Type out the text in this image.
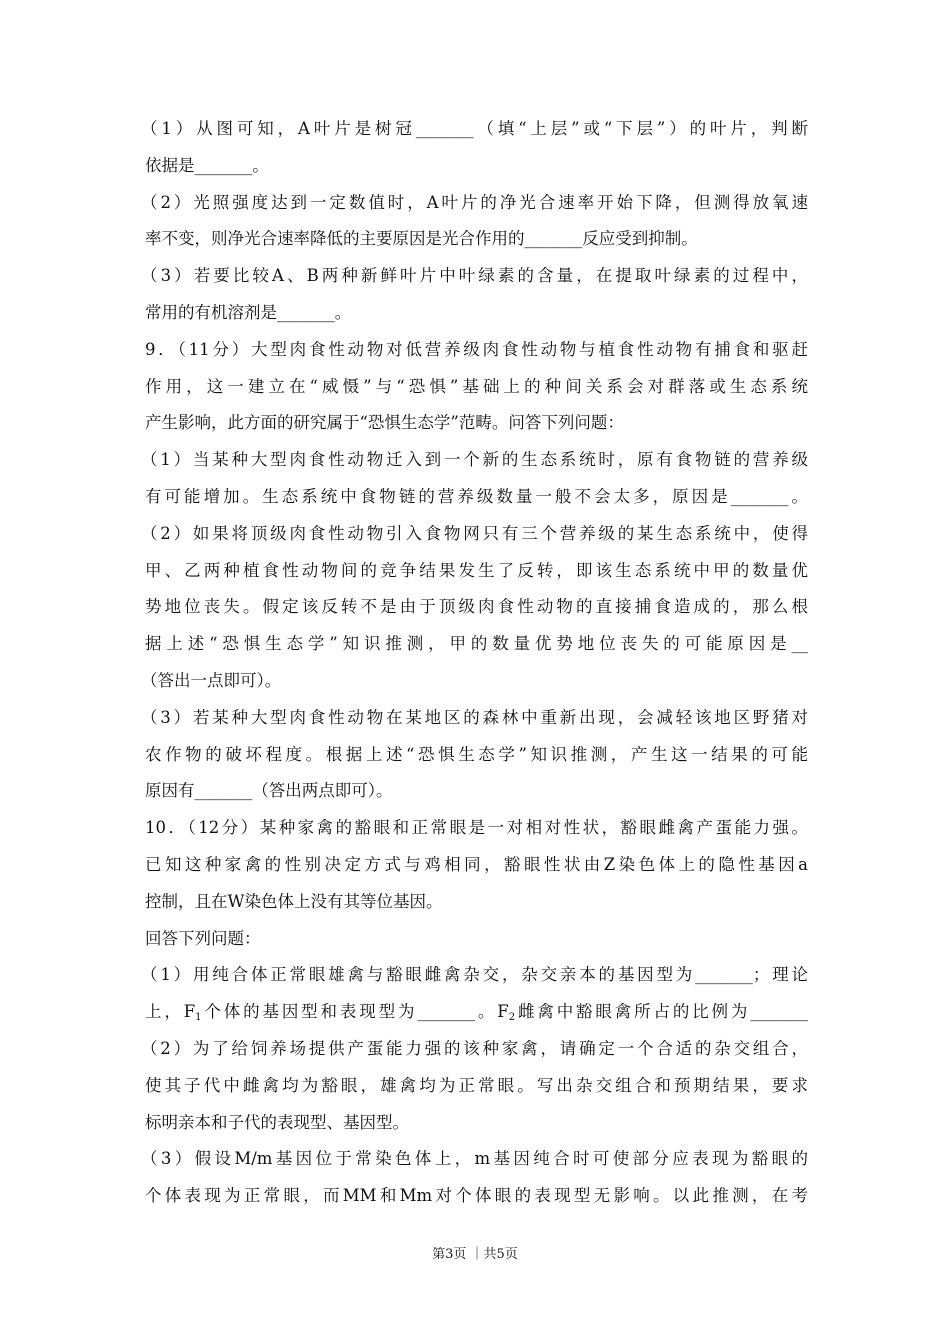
（1）从图可知，A叶片是树冠_______（填“上层”或“下层”）的叶片，判断
依据是_______。
（2）光照强度达到一定数值时，A叶片的净光合速率开始下降，但测得放氧速
率不变，则净光合速率降低的主要原因是光合作用的_______反应受到抑制。
（3）若要比较A、B两种新鲜叶片中叶绿素的含量，在提取叶绿素的过程中，
常用的有机溶剂是_______。
9．（11分）大型肉食性动物对低营养级肉食性动物与植食性动物有捕食和驱赶
作用，这一建立在“威慑”与“恐惧”基础上的种间关系会对群落或生态系统
产生影响，此方面的研究属于“恐惧生态学”范畴。问答下列问题：
（1）当某种大型肉食性动物迁入到一个新的生态系统时，原有食物链的营养级
有可能增加。生态系统中食物链的营养级数量一般不会太多，原因是_______。
（2）如果将顶级肉食性动物引入食物网只有三个营养级的某生态系统中，使得
甲、乙两种植食性动物间的竞争结果发生了反转，即该生态系统中甲的数量优
势地位丧失。假定该反转不是由于顶级肉食性动物的直接捕食造成的，那么根
据上述“恐惧生态学”知识推测，甲的数量优势地位丧失的可能原因是__
（答出一点即可）。
（3）若某种大型肉食性动物在某地区的森林中重新出现，会减轻该地区野猪对
农作物的破坏程度。根据上述“恐惧生态学”知识推测，产生这一结果的可能
原因有_______（答出两点即可）。
10．（12分）某种家禽的豁眼和正常眼是一对相对性状，豁眼雌禽产蛋能力强。
已知这种家禽的性别决定方式与鸡相同，豁眼性状由Z染色体上的隐性基因a
控制，且在W染色体上没有其等位基因。
回答下列问题：
（1）用纯合体正常眼雄禽与豁眼雌禽杂交，杂交亲本的基因型为_______；理论
上，$F_1$个体的基因型和表现型为_______。$F_2$雌禽中豁眼禽所占的比例为_______
（2）为了给饲养场提供产蛋能力强的该种家禽，请确定一个合适的杂交组合，
使其子代中雌禽均为豁眼，雄禽均为正常眼。写出杂交组合和预期结果，要求
标明亲本和子代的表现型、基因型。
（3）假设M/m基因位于常染色体上，m基因纯合时可使部分应表现为豁眼的
个体表现为正常眼，而MM和Mm对个体眼的表现型无影响。以此推测，在考
第3页 ｜共5页
